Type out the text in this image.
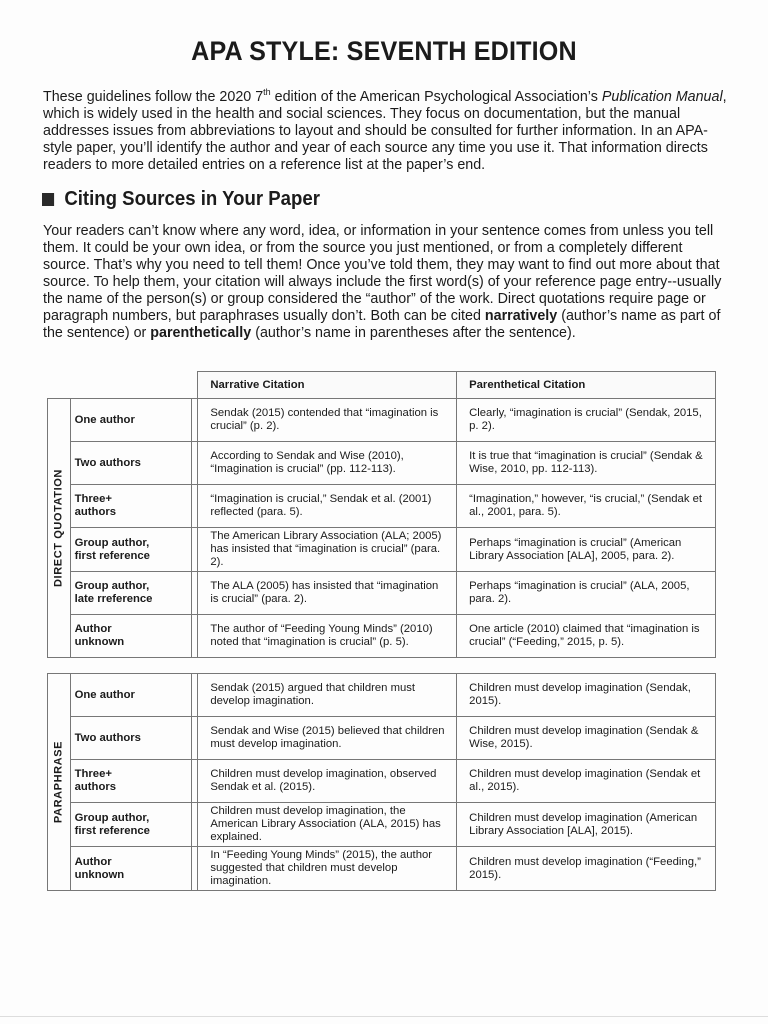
APA STYLE: SEVENTH EDITION

These guidelines follow the 2020 7th edition of the American Psychological Association’s Publication Manual, which is widely used in the health and social sciences. They focus on documentation, but the manual addresses issues from abbreviations to layout and should be consulted for further information. In an APA-style paper, you’ll identify the author and year of each source any time you use it. That information directs readers to more detailed entries on a reference list at the paper’s end.

Citing Sources in Your Paper

Your readers can’t know where any word, idea, or information in your sentence comes from unless you tell them. It could be your own idea, or from the source you just mentioned, or from a completely different source. That’s why you need to tell them! Once you’ve told them, they may want to find out more about that source. To help them, your citation will always include the first word(s) of your reference page entry--usually the name of the person(s) or group considered the “author” of the work. Direct quotations require page or paragraph numbers, but paraphrases usually don’t. Both can be cited narratively (author’s name as part of the sentence) or parenthetically (author’s name in parentheses after the sentence).

			Narrative Citation	Parenthetical Citation

DIRECT QUOTATION	One author		Sendak (2015) contended that “imagination is crucial” (p. 2).	Clearly, “imagination is crucial” (Sendak, 2015, p. 2).
	Two authors		According to Sendak and Wise (2010), “Imagination is crucial” (pp. 112-113).	It is true that “imagination is crucial” (Sendak & Wise, 2010, pp. 112-113).
	Three+
authors		“Imagination is crucial,” Sendak et al. (2001) reflected (para. 5).	“Imagination,” however, “is crucial,” (Sendak et al., 2001, para. 5).
	Group author,
first reference		The American Library Association (ALA; 2005) has insisted that “imagination is crucial” (para. 2).	Perhaps “imagination is crucial” (American Library Association [ALA], 2005, para. 2).
	Group author,
late rreference		The ALA (2005) has insisted that “imagination is crucial” (para. 2).	Perhaps “imagination is crucial” (ALA, 2005, para. 2).
	Author
unknown		The author of “Feeding Young Minds” (2010) noted that “imagination is crucial” (p. 5).	One article (2010) claimed that “imagination is crucial” (“Feeding,” 2015, p. 5).
PARAPHRASE	One author		Sendak (2015) argued that children must develop imagination.	Children must develop imagination (Sendak, 2015).
	Two authors		Sendak and Wise (2015) believed that children must develop imagination.	Children must develop imagination (Sendak & Wise, 2015).
	Three+
authors		Children must develop imagination, observed Sendak et al. (2015).	Children must develop imagination (Sendak et al., 2015).
	Group author,
first reference		Children must develop imagination, the American Library Association (ALA, 2015) has explained.	Children must develop imagination (American Library Association [ALA], 2015).
	Author
unknown		In “Feeding Young Minds” (2015), the author suggested that children must develop imagination.	Children must develop imagination (“Feeding,” 2015).
